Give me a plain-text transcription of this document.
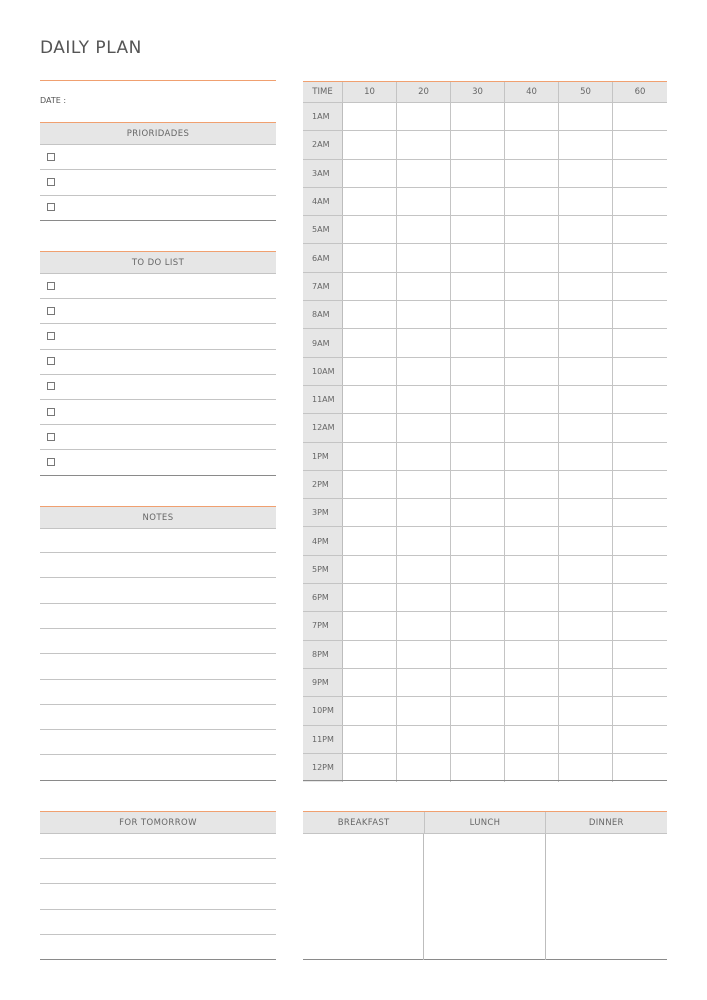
DAILY PLAN
DATE :
PRIORIDADES
TO DO LIST
NOTES
FOR TOMORROW
TIME	10	20	30	40	50	60
1AM
2AM
3AM
4AM
5AM
6AM
7AM
8AM
9AM
10AM
11AM
12AM
1PM
2PM
3PM
4PM
5PM
6PM
7PM
8PM
9PM
10PM
11PM
12PM
BREAKFAST	LUNCH	DINNER
